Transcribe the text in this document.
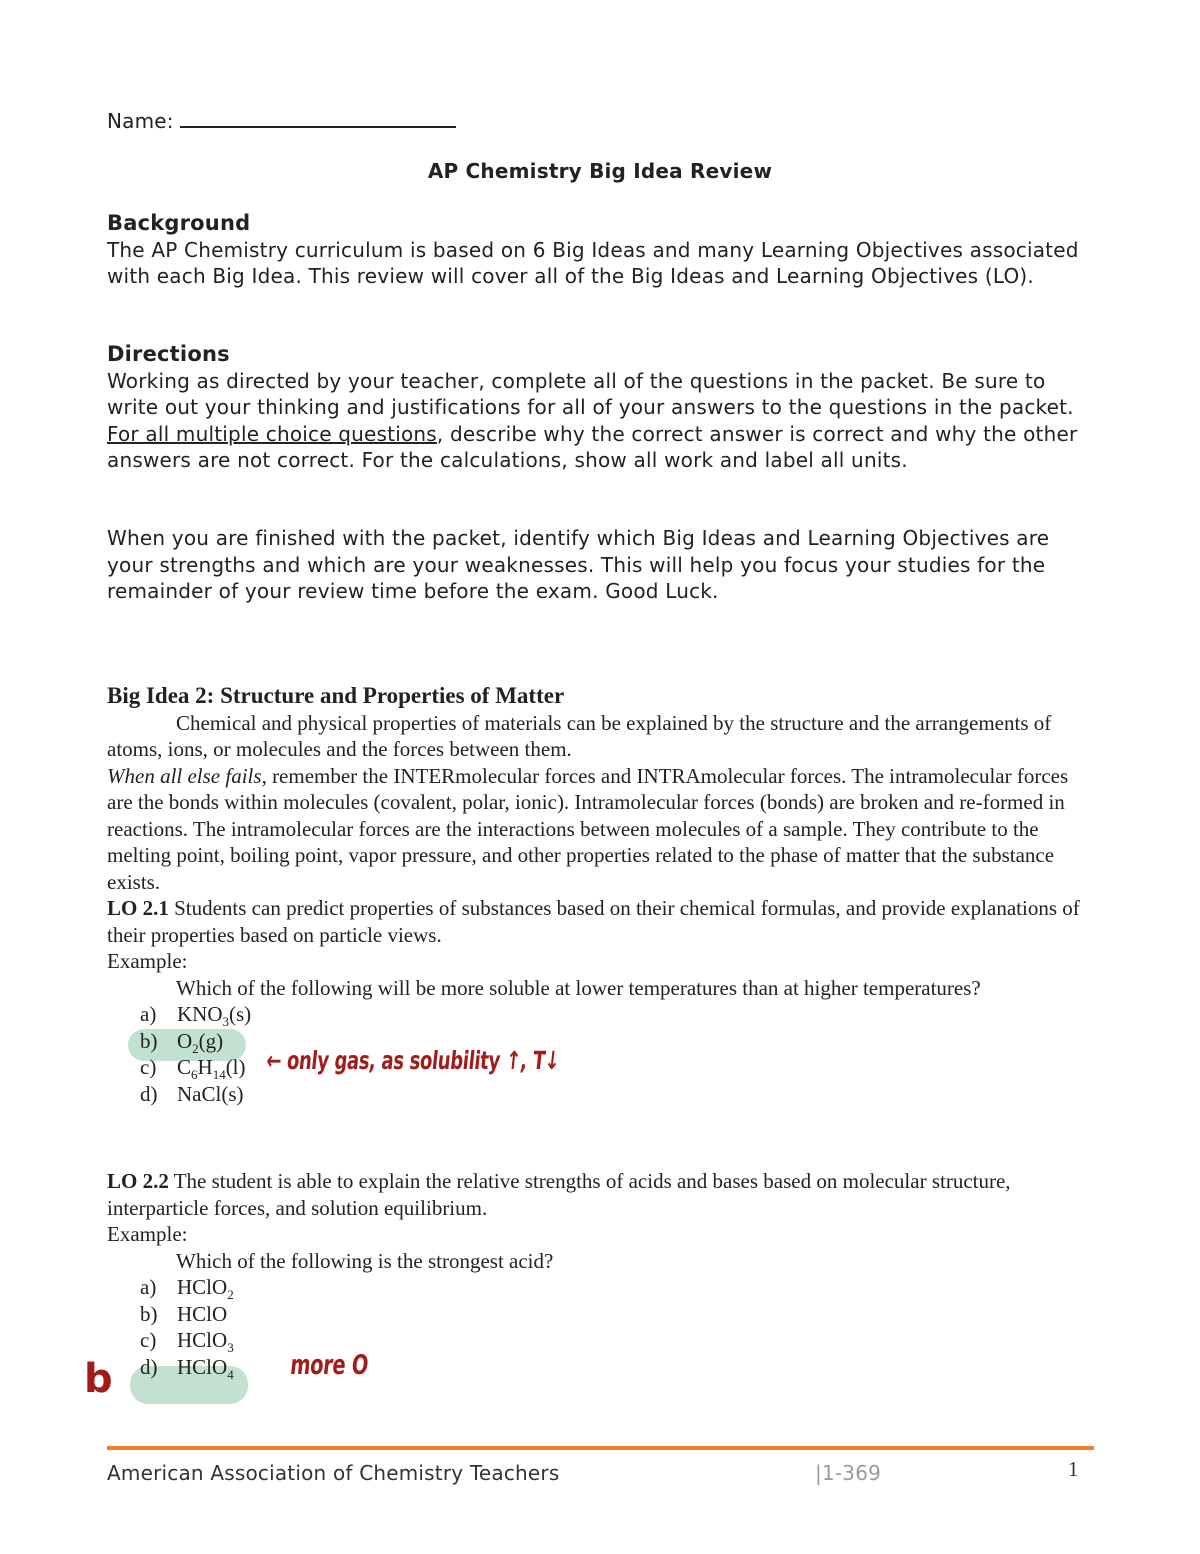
Name:
AP Chemistry Big Idea Review
Background
The AP Chemistry curriculum is based on 6 Big Ideas and many Learning Objectives associated with each Big Idea. This review will cover all of the Big Ideas and Learning Objectives (LO).
Directions
Working as directed by your teacher, complete all of the questions in the packet. Be sure to write out your thinking and justifications for all of your answers to the questions in the packet. For all multiple choice questions, describe why the correct answer is correct and why the other answers are not correct. For the calculations, show all work and label all units.
When you are finished with the packet, identify which Big Ideas and Learning Objectives are your strengths and which are your weaknesses. This will help you focus your studies for the remainder of your review time before the exam. Good Luck.
Big Idea 2: Structure and Properties of Matter
Chemical and physical properties of materials can be explained by the structure and the arrangements of atoms, ions, or molecules and the forces between them.
When all else fails, remember the INTERmolecular forces and INTRAmolecular forces. The intramolecular forces are the bonds within molecules (covalent, polar, ionic). Intramolecular forces (bonds) are broken and re-formed in reactions. The intramolecular forces are the interactions between molecules of a sample. They contribute to the melting point, boiling point, vapor pressure, and other properties related to the phase of matter that the substance exists.
LO 2.1 Students can predict properties of substances based on their chemical formulas, and provide explanations of their properties based on particle views.
Example:
Which of the following will be more soluble at lower temperatures than at higher temperatures?
a) $KNO_3(s)$
b) $O_2(g)$
c) $C_6H_{14}(l)$
d) NaCl(s)
← only gas, as solubility ↑, T↓
LO 2.2 The student is able to explain the relative strengths of acids and bases based on molecular structure, interparticle forces, and solution equilibrium.
Example:
Which of the following is the strongest acid?
a) HClO$_2$
b) HClO
c) HClO$_3$
d) HClO$_4$	more O
b
American Association of Chemistry Teachers	|1-369	1
